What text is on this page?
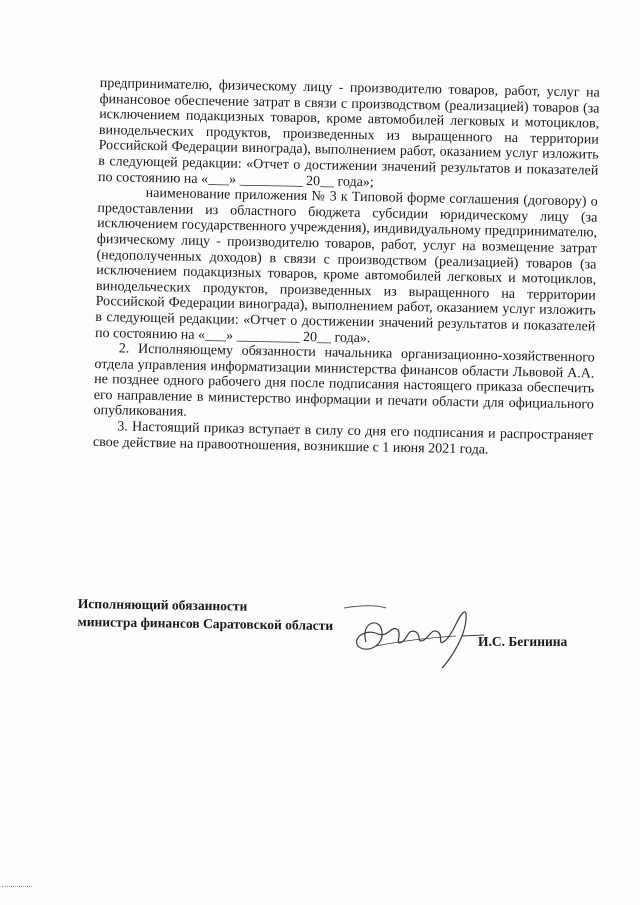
предпринимателю, физическому лицу - производителю товаров, работ, услуг на финансовое обеспечение затрат в связи с производством (реализацией) товаров (за исключением подакцизных товаров, кроме автомобилей легковых и мотоциклов, винодельческих продуктов, произведенных из выращенного на территории Российской Федерации винограда), выполнением работ, оказанием услуг изложить в следующей редакции: «Отчет о достижении значений результатов и показателей по состоянию на «___» _________ 20__ года»;

наименование приложения № 3 к Типовой форме соглашения (договору) о предоставлении из областного бюджета субсидии юридическому лицу (за исключением государственного учреждения), индивидуальному предпринимателю, физическому лицу - производителю товаров, работ, услуг на возмещение затрат (недополученных доходов) в связи с производством (реализацией) товаров (за исключением подакцизных товаров, кроме автомобилей легковых и мотоциклов, винодельческих продуктов, произведенных из выращенного на территории Российской Федерации винограда), выполнением работ, оказанием услуг изложить в следующей редакции: «Отчет о достижении значений результатов и показателей по состоянию на «___» _________ 20__ года».

2. Исполняющему обязанности начальника организационно-хозяйственного отдела управления информатизации министерства финансов области Львовой А.А. не позднее одного рабочего дня после подписания настоящего приказа обеспечить его направление в министерство информации и печати области для официального опубликования.

3. Настоящий приказ вступает в силу со дня его подписания и распространяет свое действие на правоотношения, возникшие с 1 июня 2021 года.

Исполняющий обязанности
министра финансов Саратовской области
И.С. Бегинина
